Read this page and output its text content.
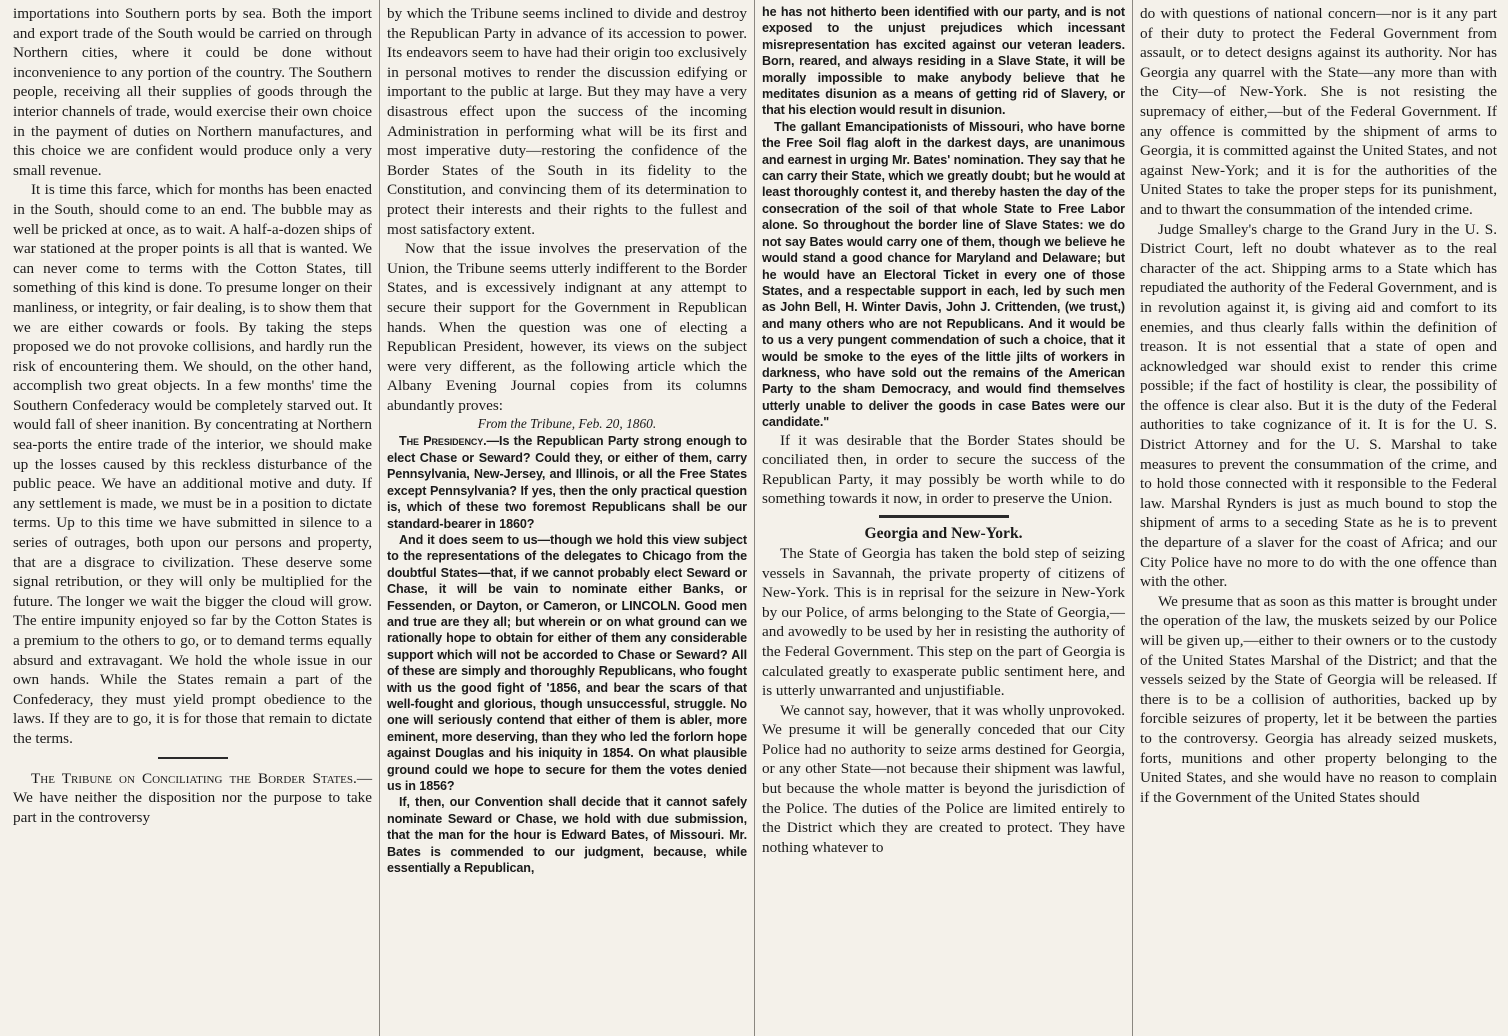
importations into Southern ports by sea. Both the import and export trade of the South would be carried on through Northern cities, where it could be done without inconvenience to any portion of the country. The Southern people, receiving all their supplies of goods through the interior channels of trade, would exercise their own choice in the payment of duties on Northern manufactures, and this choice we are confident would produce only a very small revenue.

It is time this farce, which for months has been enacted in the South, should come to an end. The bubble may as well be pricked at once, as to wait. A half-a-dozen ships of war stationed at the proper points is all that is wanted. We can never come to terms with the Cotton States, till something of this kind is done. To presume longer on their manliness, or integrity, or fair dealing, is to show them that we are either cowards or fools. By taking the steps proposed we do not provoke collisions, and hardly run the risk of encountering them. We should, on the other hand, accomplish two great objects. In a few months' time the Southern Confederacy would be completely starved out. It would fall of sheer inanition. By concentrating at Northern sea-ports the entire trade of the interior, we should make up the losses caused by this reckless disturbance of the public peace. We have an additional motive and duty. If any settlement is made, we must be in a position to dictate terms. Up to this time we have submitted in silence to a series of outrages, both upon our persons and property, that are a disgrace to civilization. These deserve some signal retribution, or they will only be multiplied for the future. The longer we wait the bigger the cloud will grow. The entire impunity enjoyed so far by the Cotton States is a premium to the others to go, or to demand terms equally absurd and extravagant. We hold the whole issue in our own hands. While the States remain a part of the Confederacy, they must yield prompt obedience to the laws. If they are to go, it is for those that remain to dictate the terms.

The Tribune on Conciliating the Border States.—We have neither the disposition nor the purpose to take part in the controversy

by which the Tribune seems inclined to divide and destroy the Republican Party in advance of its accession to power. Its endeavors seem to have had their origin too exclusively in personal motives to render the discussion edifying or important to the public at large. But they may have a very disastrous effect upon the success of the incoming Administration in performing what will be its first and most imperative duty—restoring the confidence of the Border States of the South in its fidelity to the Constitution, and convincing them of its determination to protect their interests and their rights to the fullest and most satisfactory extent.

Now that the issue involves the preservation of the Union, the Tribune seems utterly indifferent to the Border States, and is excessively indignant at any attempt to secure their support for the Government in Republican hands. When the question was one of electing a Republican President, however, its views on the subject were very different, as the following article which the Albany Evening Journal copies from its columns abundantly proves:

From the Tribune, Feb. 20, 1860.

The Presidency.—Is the Republican Party strong enough to elect Chase or Seward? Could they, or either of them, carry Pennsylvania, New-Jersey, and Illinois, or all the Free States except Pennsylvania? If yes, then the only practical question is, which of these two foremost Republicans shall be our standard-bearer in 1860?

And it does seem to us—though we hold this view subject to the representations of the delegates to Chicago from the doubtful States—that, if we cannot probably elect Seward or Chase, it will be vain to nominate either Banks, or Fessenden, or Dayton, or Cameron, or LINCOLN. Good men and true are they all; but wherein or on what ground can we rationally hope to obtain for either of them any considerable support which will not be accorded to Chase or Seward? All of these are simply and thoroughly Republicans, who fought with us the good fight of '1856, and bear the scars of that well-fought and glorious, though unsuccessful, struggle. No one will seriously contend that either of them is abler, more eminent, more deserving, than they who led the forlorn hope against Douglas and his iniquity in 1854. On what plausible ground could we hope to secure for them the votes denied us in 1856?

If, then, our Convention shall decide that it cannot safely nominate Seward or Chase, we hold with due submission, that the man for the hour is Edward Bates, of Missouri. Mr. Bates is commended to our judgment, because, while essentially a Republican,

he has not hitherto been identified with our party, and is not exposed to the unjust prejudices which incessant misrepresentation has excited against our veteran leaders. Born, reared, and always residing in a Slave State, it will be morally impossible to make anybody believe that he meditates disunion as a means of getting rid of Slavery, or that his election would result in disunion.

The gallant Emancipationists of Missouri, who have borne the Free Soil flag aloft in the darkest days, are unanimous and earnest in urging Mr. Bates' nomination. They say that he can carry their State, which we greatly doubt; but he would at least thoroughly contest it, and thereby hasten the day of the consecration of the soil of that whole State to Free Labor alone. So throughout the border line of Slave States: we do not say Bates would carry one of them, though we believe he would stand a good chance for Maryland and Delaware; but he would have an Electoral Ticket in every one of those States, and a respectable support in each, led by such men as John Bell, H. Winter Davis, John J. Crittenden, (we trust,) and many others who are not Republicans. And it would be to us a very pungent commendation of such a choice, that it would be smoke to the eyes of the little jilts of workers in darkness, who have sold out the remains of the American Party to the sham Democracy, and would find themselves utterly unable to deliver the goods in case Bates were our candidate."

If it was desirable that the Border States should be conciliated then, in order to secure the success of the Republican Party, it may possibly be worth while to do something towards it now, in order to preserve the Union.

Georgia and New-York.

The State of Georgia has taken the bold step of seizing vessels in Savannah, the private property of citizens of New-York. This is in reprisal for the seizure in New-York by our Police, of arms belonging to the State of Georgia,—and avowedly to be used by her in resisting the authority of the Federal Government. This step on the part of Georgia is calculated greatly to exasperate public sentiment here, and is utterly unwarranted and unjustifiable.

We cannot say, however, that it was wholly unprovoked. We presume it will be generally conceded that our City Police had no authority to seize arms destined for Georgia, or any other State—not because their shipment was lawful, but because the whole matter is beyond the jurisdiction of the Police. The duties of the Police are limited entirely to the District which they are created to protect. They have nothing whatever to

do with questions of national concern—nor is it any part of their duty to protect the Federal Government from assault, or to detect designs against its authority. Nor has Georgia any quarrel with the State—any more than with the City—of New-York. She is not resisting the supremacy of either,—but of the Federal Government. If any offence is committed by the shipment of arms to Georgia, it is committed against the United States, and not against New-York; and it is for the authorities of the United States to take the proper steps for its punishment, and to thwart the consummation of the intended crime.

Judge Smalley's charge to the Grand Jury in the U. S. District Court, left no doubt whatever as to the real character of the act. Shipping arms to a State which has repudiated the authority of the Federal Government, and is in revolution against it, is giving aid and comfort to its enemies, and thus clearly falls within the definition of treason. It is not essential that a state of open and acknowledged war should exist to render this crime possible; if the fact of hostility is clear, the possibility of the offence is clear also. But it is the duty of the Federal authorities to take cognizance of it. It is for the U. S. District Attorney and for the U. S. Marshal to take measures to prevent the consummation of the crime, and to hold those connected with it responsible to the Federal law. Marshal Rynders is just as much bound to stop the shipment of arms to a seceding State as he is to prevent the departure of a slaver for the coast of Africa; and our City Police have no more to do with the one offence than with the other.

We presume that as soon as this matter is brought under the operation of the law, the muskets seized by our Police will be given up,—either to their owners or to the custody of the United States Marshal of the District; and that the vessels seized by the State of Georgia will be released. If there is to be a collision of authorities, backed up by forcible seizures of property, let it be between the parties to the controversy. Georgia has already seized muskets, forts, munitions and other property belonging to the United States, and she would have no reason to complain if the Government of the United States should
